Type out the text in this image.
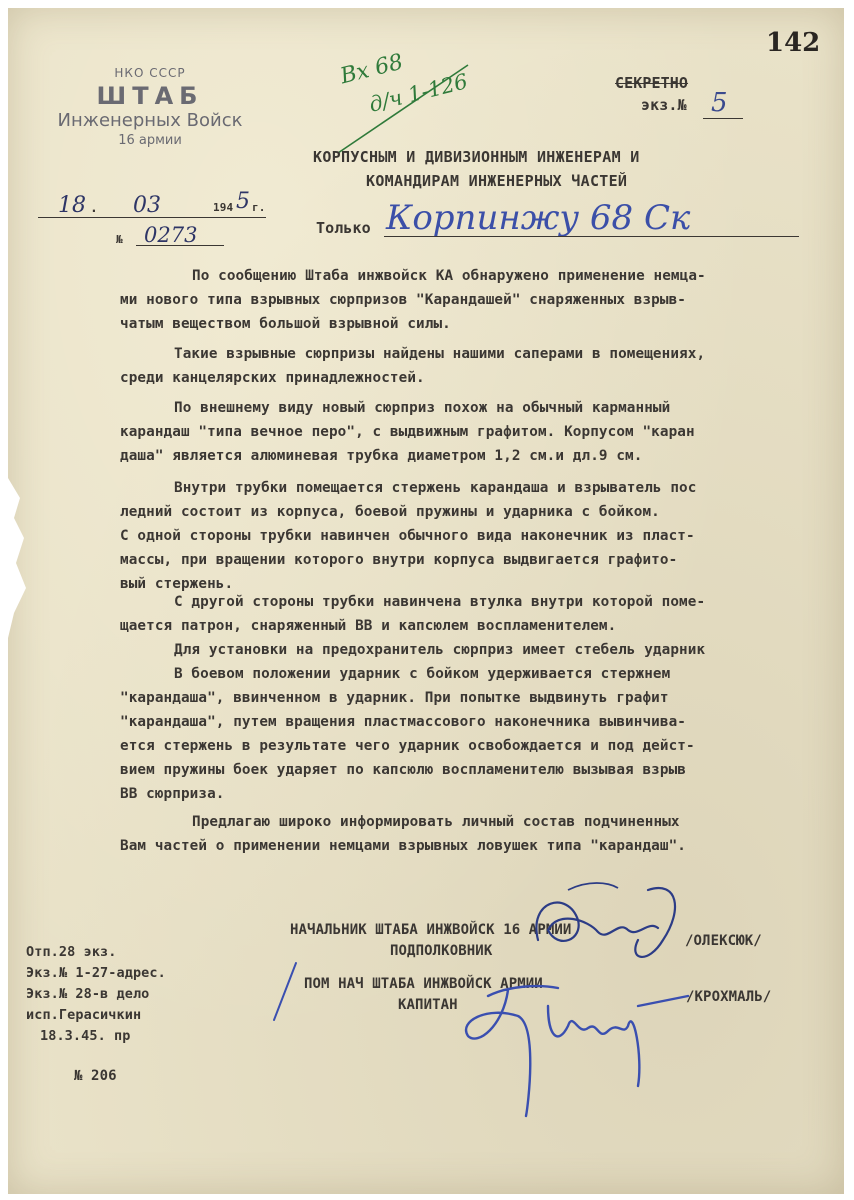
142
НКО СССР
ШТАБ
Инженерных Войск
16 армии
18 . 03	194 5 г.
№ 0273
Вх 68
д/ч 1-126	СЕКРЕТНО
экз.№ 5
КОРПУСНЫМ И ДИВИЗИОННЫМ ИНЖЕНЕРАМ И
КОМАНДИРАМ ИНЖЕНЕРНЫХ ЧАСТЕЙ
Только Корпинжу 68 Ск
По сообщению Штаба инжвойск КА обнаружено применение немца-
ми нового типа взрывных сюрпризов "Карандашей" снаряженных взрыв-
чатым веществом большой взрывной силы.
Такие взрывные сюрпризы найдены нашими саперами в помещениях,
среди канцелярских принадлежностей.
По внешнему виду новый сюрприз похож на обычный карманный
карандаш "типа вечное перо", с выдвижным графитом. Корпусом "каран
даша" является алюминевая трубка диаметром 1,2 см.и дл.9 см.
Внутри трубки помещается стержень карандаша и взрыватель пос
ледний состоит из корпуса, боевой пружины и ударника с бойком.
С одной стороны трубки навинчен обычного вида наконечник из пласт-
массы, при вращении которого внутри корпуса выдвигается графито-
вый стержень.
С другой стороны трубки навинчена втулка внутри которой поме-
щается патрон, снаряженный ВВ и капсюлем воспламенителем.
Для установки на предохранитель сюрприз имеет стебель ударник
В боевом положении ударник с бойком удерживается стержнем
"карандаша", ввинченном в ударник. При попытке выдвинуть графит
"карандаша", путем вращения пластмассового наконечника вывинчива-
ется стержень в результате чего ударник освобождается и под дейст-
вием пружины боек ударяет по капсюлю воспламенителю вызывая взрыв
ВВ сюрприза.
Предлагаю широко информировать личный состав подчиненных
Вам частей о применении немцами взрывных ловушек типа "карандаш".
НАЧАЛЬНИК ШТАБА ИНЖВОЙСК 16 АРМИИ
ПОДПОЛКОВНИК
/ОЛЕКСЮК/
ПОМ НАЧ ШТАБА ИНЖВОЙСК АРМИИ
КАПИТАН	/КРОХМАЛЬ/
Отп.28 экз.
Экз.№ 1-27-адрес.
Экз.№ 28-в дело
исп.Герасичкин
18.3.45. пр
№ 206
